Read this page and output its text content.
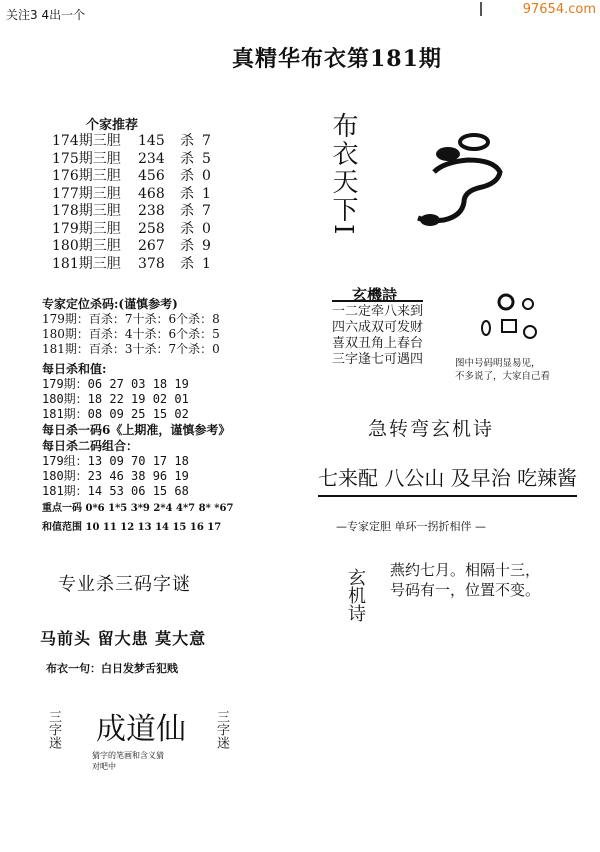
关注3 4出一个	97654.com
真精华布衣第181期
个家推荐
174期三胆 145 杀 7
175期三胆 234 杀 5
176期三胆 456 杀 0
177期三胆 468 杀 1
178期三胆 238 杀 7
179期三胆 258 杀 0
180期三胆 267 杀 9
181期三胆 378 杀 1
专家定位杀码:(谨慎参考)
179期：百杀：7十杀：6个杀：8
180期：百杀：4十杀：6个杀：5
181期：百杀：3十杀：7个杀：0
每日杀和值:
179期：06 27 03 18 19
180期：18 22 19 02 01
181期：08 09 25 15 02
每日杀一码6《上期准，谨慎参考》
每日杀二码组合：
179组：13 09 70 17 18
180期：23 46 38 96 19
181期：14 53 06 15 68
重点一码 0*6 1*5 3*9 2*4 4*7 8* *67
和值范围 10 11 12 13 14 15 16 17
布衣天下I
玄機詩
一二定牵八来到
四六成双可发财
喜双丑角上春台
三字逢七可遇四	图中号码明显易见，
不多说了，大家自己看
急转弯玄机诗
七来配 八公山 及早治 吃辣酱
—专家定胆 单环一拐折相伴 —
玄机诗	燕约七月。相隔十三，
号码有一，位置不变。
专业杀三码字谜
马前头 留大患 莫大意
布衣一句：白日发梦舌犯贱
三字迷 成道仙
猜字的笔画和含义猜
对吧中
三字迷
